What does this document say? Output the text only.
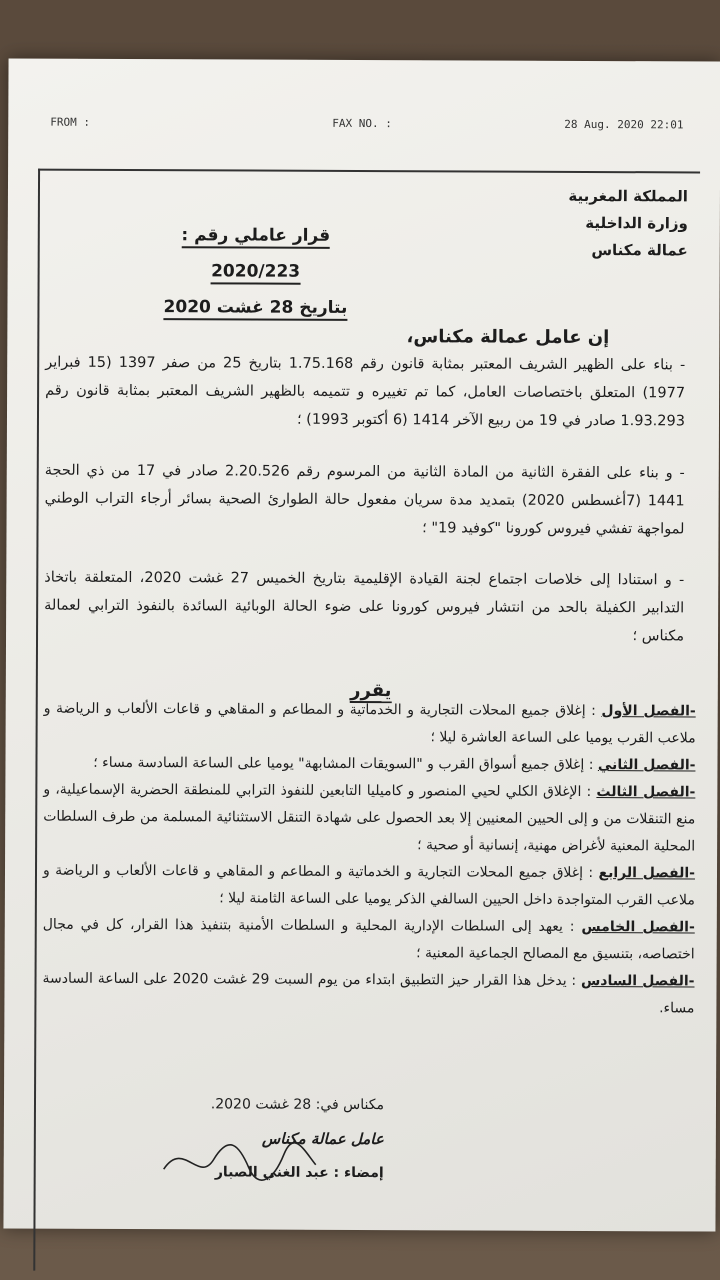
FROM :	FAX NO. :	28 Aug. 2020 22:01
المملكة المغربية
وزارة الداخلية
عمالة مكناس
قرار عاملي رقم : 2020/223
بتاريخ 28 غشت 2020
إن عامل عمالة مكناس،
- بناء على الظهير الشريف المعتبر بمثابة قانون رقم 1.75.168 بتاريخ 25 من صفر 1397 (15 فبراير 1977) المتعلق باختصاصات العامل، كما تم تغييره و تتميمه بالظهير الشريف المعتبر بمثابة قانون رقم 1.93.293 صادر في 19 من ربيع الآخر 1414 (6 أكتوبر 1993) ؛
- و بناء على الفقرة الثانية من المادة الثانية من المرسوم رقم 2.20.526 صادر في 17 من ذي الحجة 1441 (7أغسطس 2020) بتمديد مدة سريان مفعول حالة الطوارئ الصحية بسائر أرجاء التراب الوطني لمواجهة تفشي فيروس كورونا "كوفيد 19" ؛
- و استنادا إلى خلاصات اجتماع لجنة القيادة الإقليمية بتاريخ الخميس 27 غشت 2020، المتعلقة باتخاذ التدابير الكفيلة بالحد من انتشار فيروس كورونا على ضوء الحالة الوبائية السائدة بالنفوذ الترابي لعمالة مكناس ؛
يقرر
-الفصل الأول : إغلاق جميع المحلات التجارية و الخدماتية و المطاعم و المقاهي و قاعات الألعاب و الرياضة و ملاعب القرب يوميا على الساعة العاشرة ليلا ؛
-الفصل الثاني : إغلاق جميع أسواق القرب و "السويقات المشابهة" يوميا على الساعة السادسة مساء ؛
-الفصل الثالث : الإغلاق الكلي لحيي المنصور و كاميليا التابعين للنفوذ الترابي للمنطقة الحضرية الإسماعيلية، و منع التنقلات من و إلى الحيين المعنيين إلا بعد الحصول على شهادة التنقل الاستثنائية المسلمة من طرف السلطات المحلية المعنية لأغراض مهنية، إنسانية أو صحية ؛
-الفصل الرابع : إغلاق جميع المحلات التجارية و الخدماتية و المطاعم و المقاهي و قاعات الألعاب و الرياضة و ملاعب القرب المتواجدة داخل الحيين السالفي الذكر يوميا على الساعة الثامنة ليلا ؛
-الفصل الخامس : يعهد إلى السلطات الإدارية المحلية و السلطات الأمنية بتنفيذ هذا القرار، كل في مجال اختصاصه، بتنسيق مع المصالح الجماعية المعنية ؛
-الفصل السادس : يدخل هذا القرار حيز التطبيق ابتداء من يوم السبت 29 غشت 2020 على الساعة السادسة مساء.
مكناس في: 28 غشت 2020.
عامل عمالة مكناس
إمضاء : عبد الغني الصبار
